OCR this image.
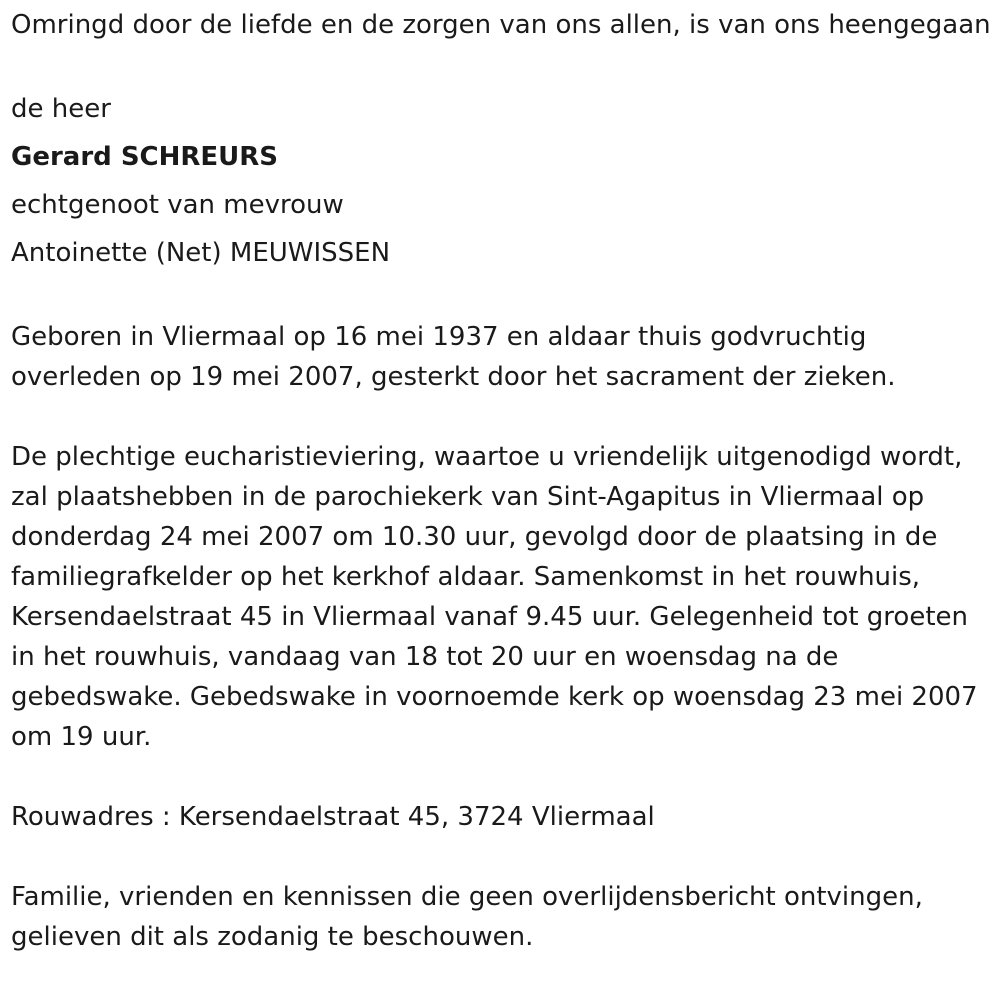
Omringd door de liefde en de zorgen van ons allen, is van ons heengegaan

de heer

Gerard SCHREURS

echtgenoot van mevrouw

Antoinette (Net) MEUWISSEN

Geboren in Vliermaal op 16 mei 1937 en aldaar thuis godvruchtig overleden op 19 mei 2007, gesterkt door het sacrament der zieken.

De plechtige eucharistieviering, waartoe u vriendelijk uitgenodigd wordt, zal plaatshebben in de parochiekerk van Sint-Agapitus in Vliermaal op donderdag 24 mei 2007 om 10.30 uur, gevolgd door de plaatsing in de familiegrafkelder op het kerkhof aldaar. Samenkomst in het rouwhuis, Kersendaelstraat 45 in Vliermaal vanaf 9.45 uur. Gelegenheid tot groeten in het rouwhuis, vandaag van 18 tot 20 uur en woensdag na de gebedswake. Gebedswake in voornoemde kerk op woensdag 23 mei 2007 om 19 uur.

Rouwadres : Kersendaelstraat 45, 3724 Vliermaal

Familie, vrienden en kennissen die geen overlijdensbericht ontvingen, gelieven dit als zodanig te beschouwen.
